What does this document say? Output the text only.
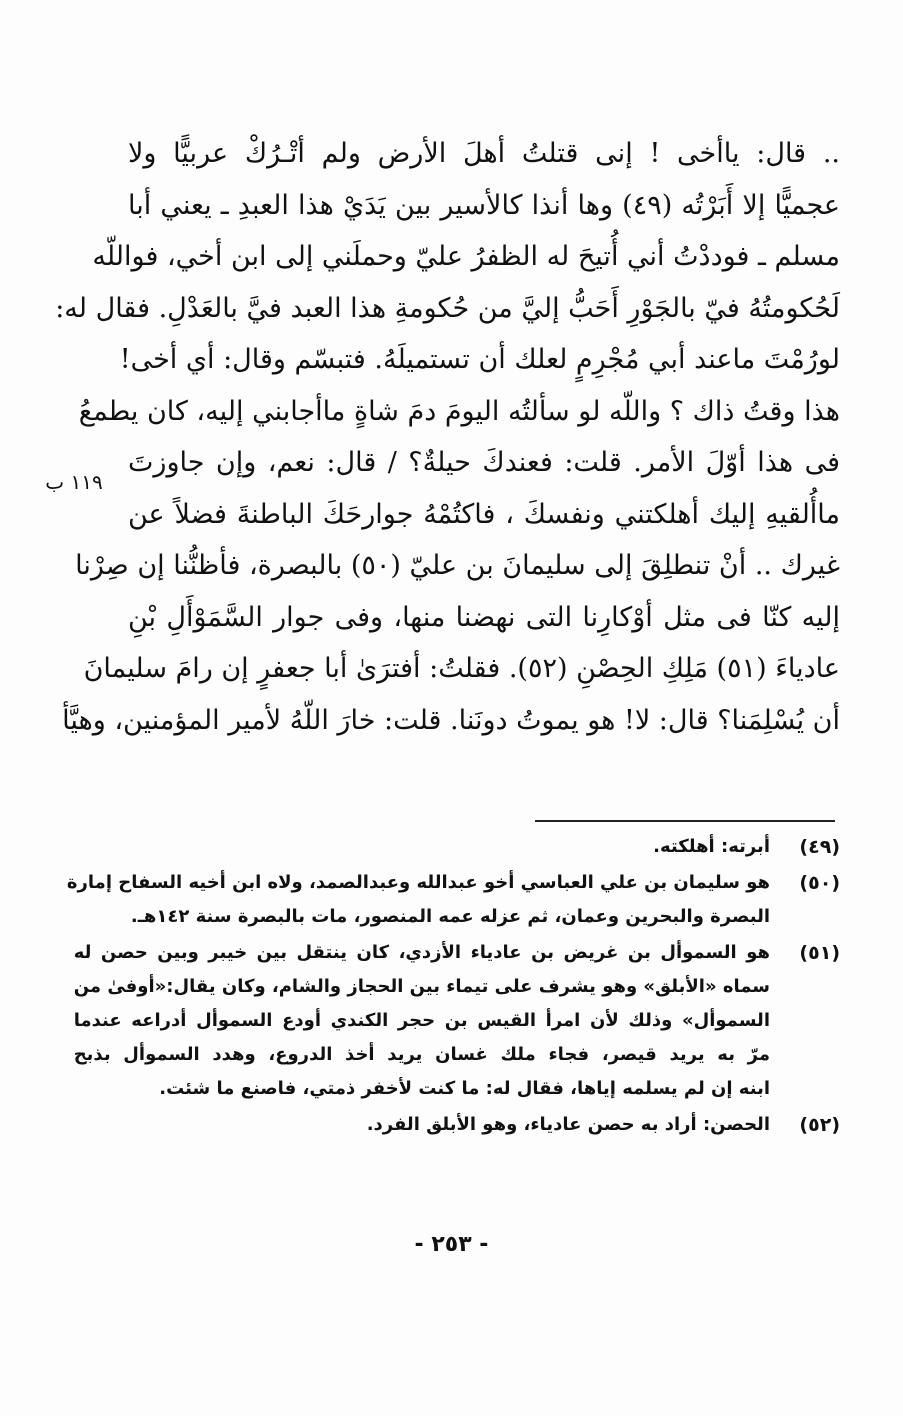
.. قال: ياأخى ! إنى قتلتُ أهلَ الأرض ولم أتْـرُكْ عربيًّا ولا
عجميًّا إلا أَبَرْتُه (٤٩) وها أنذا كالأسير بين يَدَيْ هذا العبدِ ـ يعني أبا
مسلم ـ فوددْتُ أني أُتيحَ له الظفرُ عليّ وحملَني إلى ابن أخي، فواللّه
لَحُكومتُهُ فيّ بالجَوْرِ أَحَبُّ إليَّ من حُكومةِ هذا العبد فيَّ بالعَدْلِ. فقال له:
لورُمْتَ ماعند أبي مُجْرِمٍ لعلك أن تستميلَهُ. فتبسّم وقال: أي أخى!
هذا وقتُ ذاك ؟ واللّه لو سألتُه اليومَ دمَ شاةٍ ماأجابني إليه، كان يطمعُ
فى هذا أوّلَ الأمر. قلت: فعندكَ حيلةٌ؟ / قال: نعم، وإن جاوزتَ
ماأُلقيهِ إليك أهلكتني ونفسكَ ، فاكتُمْهُ جوارحَكَ الباطنةَ فضلاً عن
غيرك .. أنْ تنطلِقَ إلى سليمانَ بن عليّ (٥٠) بالبصرة، فأظنُّنا إن صِرْنا
إليه كنّا فى مثل أوْكارِنا التى نهضنا منها، وفى جوار السَّمَوْأَلِ بْنِ
عادياءَ (٥١) مَلِكِ الحِصْنِ (٥٢). فقلتُ: أفترَىٰ أبا جعفرٍ إن رامَ سليمانَ
أن يُسْلِمَنا؟ قال: لا! هو يموتُ دونَنا. قلت: خارَ اللّهُ لأمير المؤمنين، وهيَّأ
١١٩ ب
(٤٩)
أبرته: أهلكته.
(٥٠)
هو سليمان بن علي العباسي أخو عبدالله وعبدالصمد، ولاه ابن أخيه السفاح إمارة
البصرة والبحرين وعمان، ثم عزله عمه المنصور، مات بالبصرة سنة ١٤٢هـ.
(٥١)
هو السموأل بن غريض بن عادياء الأزدي، كان ينتقل بين خيبر وبين حصن له
سماه «الأبلق» وهو يشرف على تيماء بين الحجاز والشام، وكان يقال:«أوفىٰ من
السموأل» وذلك لأن امرأ القيس بن حجر الكندي أودع السموأل أدراعه عندما
مرّ به يريد قيصر، فجاء ملك غسان يريد أخذ الدروع، وهدد السموأل بذبح
ابنه إن لم يسلمه إياها، فقال له: ما كنت لأخفر ذمتي، فاصنع ما شئت.
(٥٢)
الحصن: أراد به حصن عادياء، وهو الأبلق الفرد.
- ٢٥٣ -
